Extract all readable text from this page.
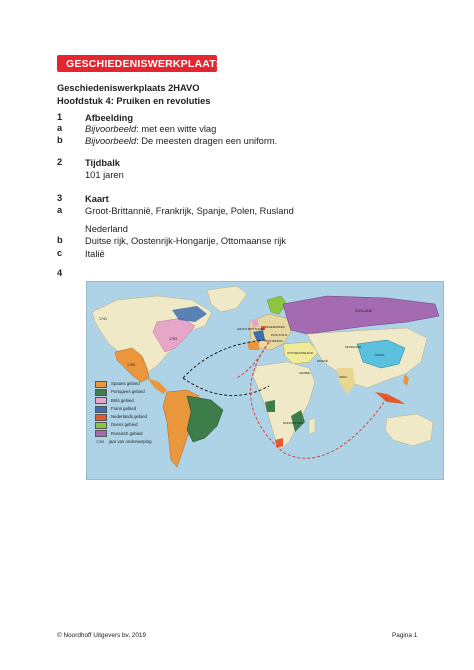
GESCHIEDENISWERKPLAATS
Geschiedeniswerkplaats 2HAVO
Hoofdstuk 4: Pruiken en revoluties
1 Afbeelding
a Bijvoorbeeld: met een witte vlag
b Bijvoorbeeld: De meesten dragen een uniform.
2 Tijdbalk
101 jaren
3 Kaart
a Groot-Brittannië, Frankrijk, Spanje, Polen, Rusland
Nederland
b Duitse rijk, Oostenrijk-Hongarije, Ottomaanse rijk
c Italië
4
1741
1763
1763
RUSLAND
GROOT-BRITTANNIË DENEMARKEN
POOLS RIJK
OOSTENRIJK
OTTOMAANSE RIJK
PERZIË
ARABIË
INDIA
MONGOLIË
CHINA
MONOMOTAPA
Spaans gebied
Portugees gebied
Brits gebied
Frans gebied
Nederlands gebied
Deens gebied
Russisch gebied
1763 jaar van onderwerping
© Noordhoff Uitgevers bv, 2019	Pagina 1
